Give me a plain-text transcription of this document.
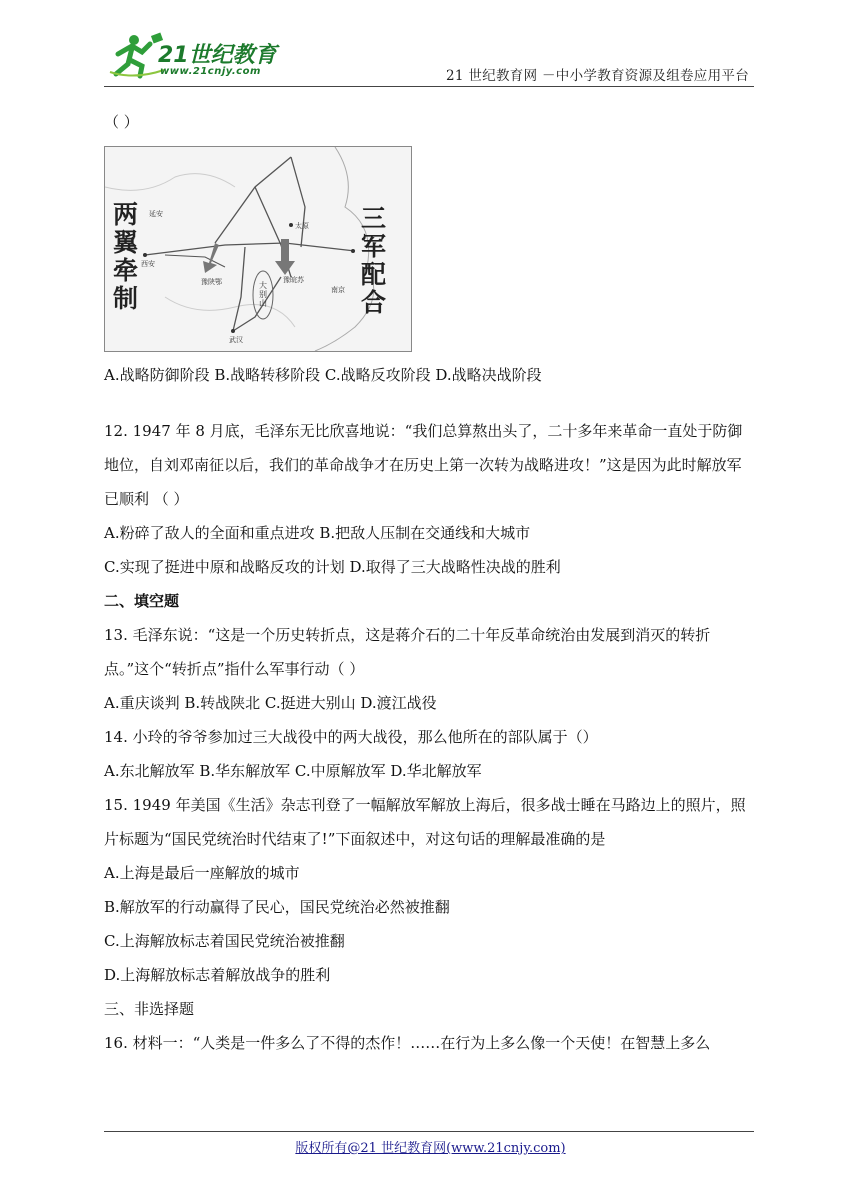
21世纪教育
www.21cnjy.com	21 世纪教育网 －中小学教育资源及组卷应用平台

（ ）

两
翼
牵
制
三
军
配
合
延安
西安
太原
豫陕鄂	豫皖苏
南京
武汉
大
别
山

A.战略防御阶段 B.战略转移阶段 C.战略反攻阶段 D.战略决战阶段

12. 1947 年 8 月底，毛泽东无比欣喜地说：“我们总算熬出头了，二十多年来革命一直处于防御地位，自刘邓南征以后，我们的革命战争才在历史上第一次转为战略进攻！”这是因为此时解放军已顺利 （ ）

A.粉碎了敌人的全面和重点进攻 B.把敌人压制在交通线和大城市

C.实现了挺进中原和战略反攻的计划 D.取得了三大战略性决战的胜利

二、填空题

13. 毛泽东说：“这是一个历史转折点，这是蒋介石的二十年反革命统治由发展到消灭的转折点。”这个“转折点”指什么军事行动（ ）

A.重庆谈判 B.转战陕北 C.挺进大别山 D.渡江战役

14. 小玲的爷爷参加过三大战役中的两大战役，那么他所在的部队属于（）

A.东北解放军 B.华东解放军 C.中原解放军 D.华北解放军

15. 1949 年美国《生活》杂志刊登了一幅解放军解放上海后，很多战士睡在马路边上的照片，照片标题为“国民党统治时代结束了!”下面叙述中，对这句话的理解最准确的是

A.上海是最后一座解放的城市

B.解放军的行动赢得了民心，国民党统治必然被推翻

C.上海解放标志着国民党统治被推翻

D.上海解放标志着解放战争的胜利

三、非选择题

16. 材料一：“人类是一件多么了不得的杰作！……在行为上多么像一个天使！在智慧上多么

版权所有@21 世纪教育网(www.21cnjy.com)
